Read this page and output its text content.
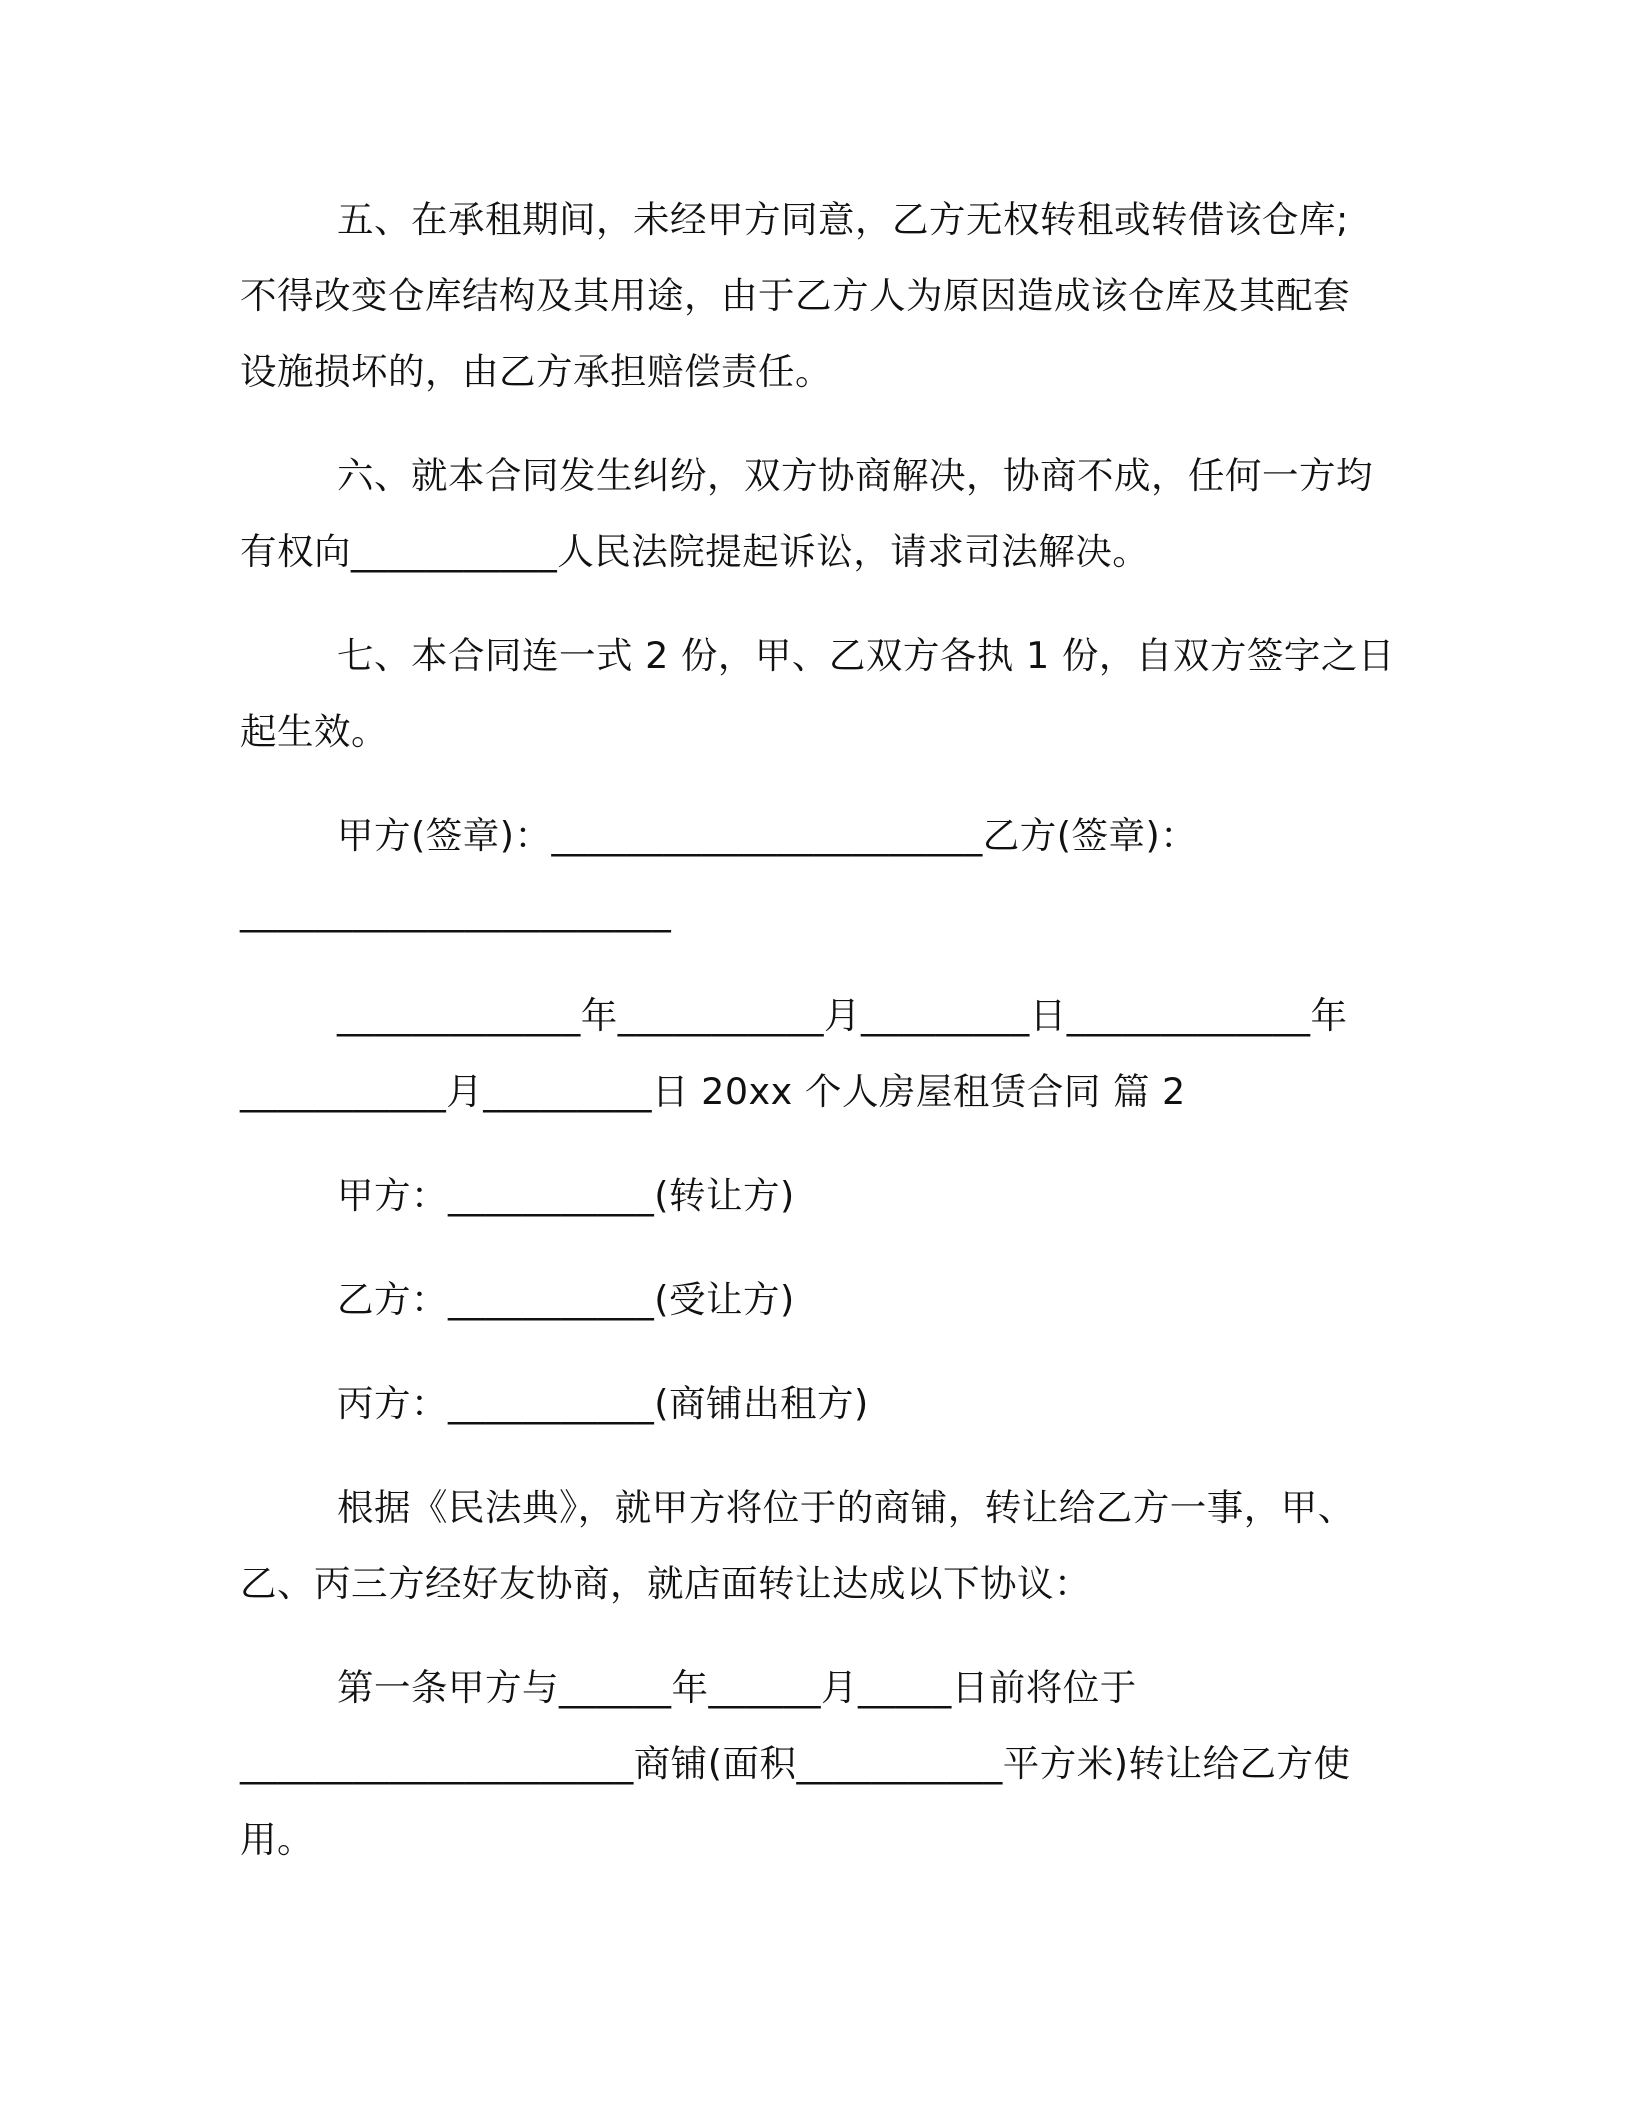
五、在承租期间，未经甲方同意，乙方无权转租或转借该仓库;

不得改变仓库结构及其用途，由于乙方人为原因造成该仓库及其配套

设施损坏的，由乙方承担赔偿责任。

六、就本合同发生纠纷，双方协商解决，协商不成，任何一方均

有权向___________人民法院提起诉讼，请求司法解决。

七、本合同连一式 2 份，甲、乙双方各执 1 份，自双方签字之日

起生效。

甲方(签章)：_______________________乙方(签章)：

_______________________

_____________年___________月_________日_____________年

___________月_________日 20xx 个人房屋租赁合同 篇 2

甲方：___________(转让方)

乙方：___________(受让方)

丙方：___________(商铺出租方)

根据《民法典》，就甲方将位于的商铺，转让给乙方一事，甲、

乙、丙三方经好友协商，就店面转让达成以下协议：

第一条甲方与______年______月_____日前将位于

_____________________商铺(面积___________平方米)转让给乙方使

用。
